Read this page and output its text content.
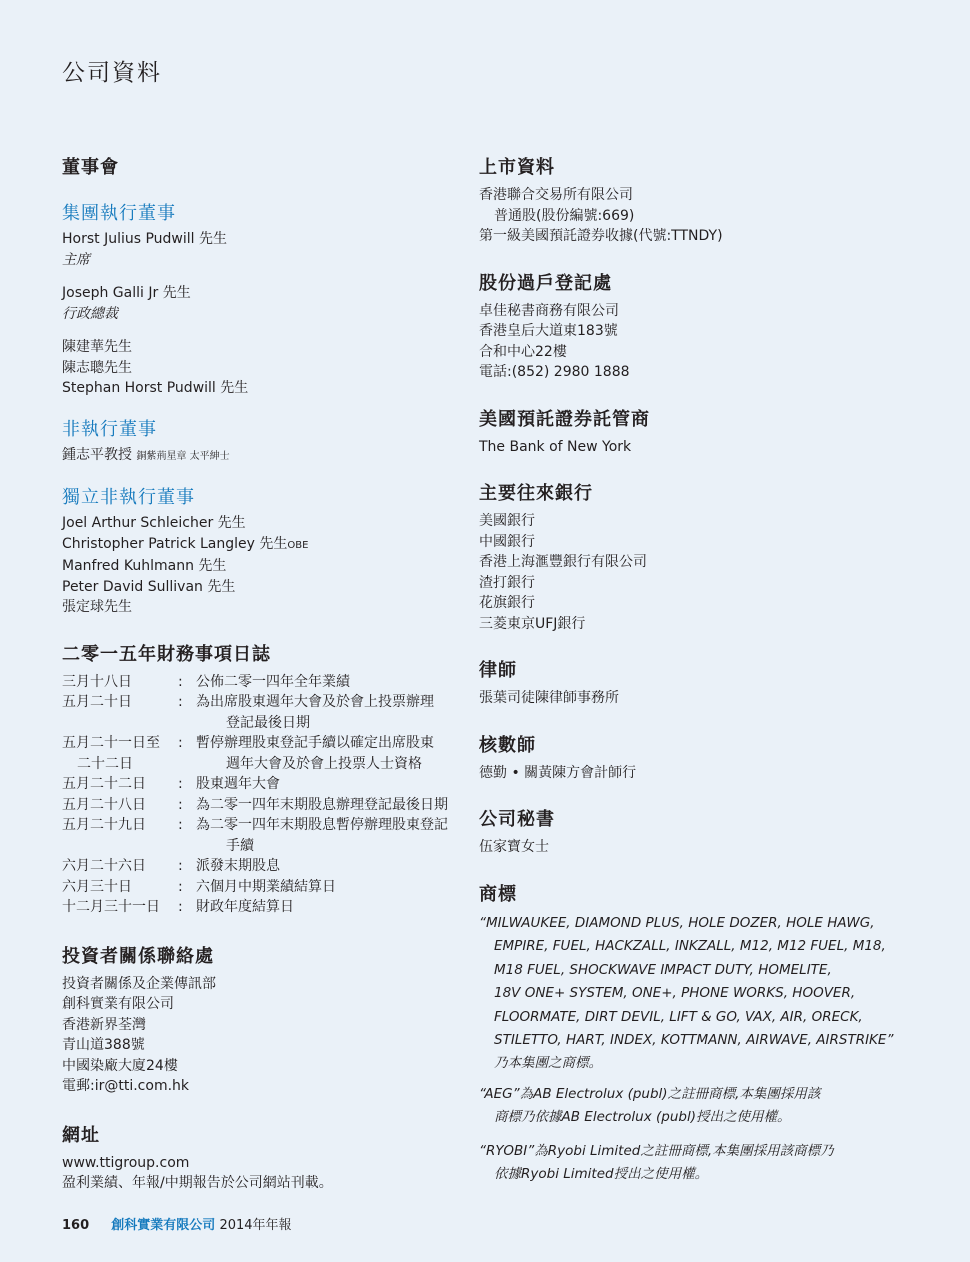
公司資料
董事會
集團執行董事

Horst Julius Pudwill 先生

主席

Joseph Galli Jr 先生

行政總裁

陳建華先生

陳志聰先生

Stephan Horst Pudwill 先生

非執行董事

鍾志平教授 銅紫荊星章 太平紳士

獨立非執行董事

Joel Arthur Schleicher 先生

Christopher Patrick Langley 先生OBE

Manfred Kuhlmann 先生

Peter David Sullivan 先生

張定球先生

二零一五年財務事項日誌
三月十八日	: 公佈二零一四年全年業績
五月二十日	: 為出席股東週年大會及於會上投票辦理
登記最後日期
五月二十一日至
二十二日
: 暫停辦理股東登記手續以確定出席股東
週年大會及於會上投票人士資格
五月二十二日	: 股東週年大會
五月二十八日	: 為二零一四年末期股息辦理登記最後日期
五月二十九日	: 為二零一四年末期股息暫停辦理股東登記
手續
六月二十六日	: 派發末期股息
六月三十日	: 六個月中期業績結算日
十二月三十一日	: 財政年度結算日
投資者關係聯絡處

投資者關係及企業傳訊部

創科實業有限公司

香港新界荃灣

青山道388號

中國染廠大廈24樓

電郵:ir@tti.com.hk

網址

www.ttigroup.com

盈利業績、年報/中期報告於公司網站刊載。

上市資料

香港聯合交易所有限公司

普通股(股份編號:669)

第一級美國預託證券收據(代號:TTNDY)

股份過戶登記處

卓佳秘書商務有限公司

香港皇后大道東183號

合和中心22樓

電話:(852) 2980 1888

美國預託證券託管商

The Bank of New York

主要往來銀行

美國銀行

中國銀行

香港上海滙豐銀行有限公司

渣打銀行

花旗銀行

三菱東京UFJ銀行

律師

張葉司徒陳律師事務所

核數師

德勤 • 關黃陳方會計師行

公司秘書

伍家寶女士

商標
“MILWAUKEE, DIAMOND PLUS, HOLE DOZER, HOLE HAWG,
EMPIRE, FUEL, HACKZALL, INKZALL, M12, M12 FUEL, M18,
M18 FUEL, SHOCKWAVE IMPACT DUTY, HOMELITE,
18V ONE+ SYSTEM, ONE+, PHONE WORKS, HOOVER,
FLOORMATE, DIRT DEVIL, LIFT & GO, VAX, AIR, ORECK,
STILETTO, HART, INDEX, KOTTMANN, AIRWAVE, AIRSTRIKE”
乃本集團之商標。
“AEG”為AB Electrolux (publ)之註冊商標,本集團採用該
商標乃依據AB Electrolux (publ)授出之使用權。
“RYOBI”為Ryobi Limited之註冊商標,本集團採用該商標乃
依據Ryobi Limited授出之使用權。
160 創科實業有限公司 2014年年報
